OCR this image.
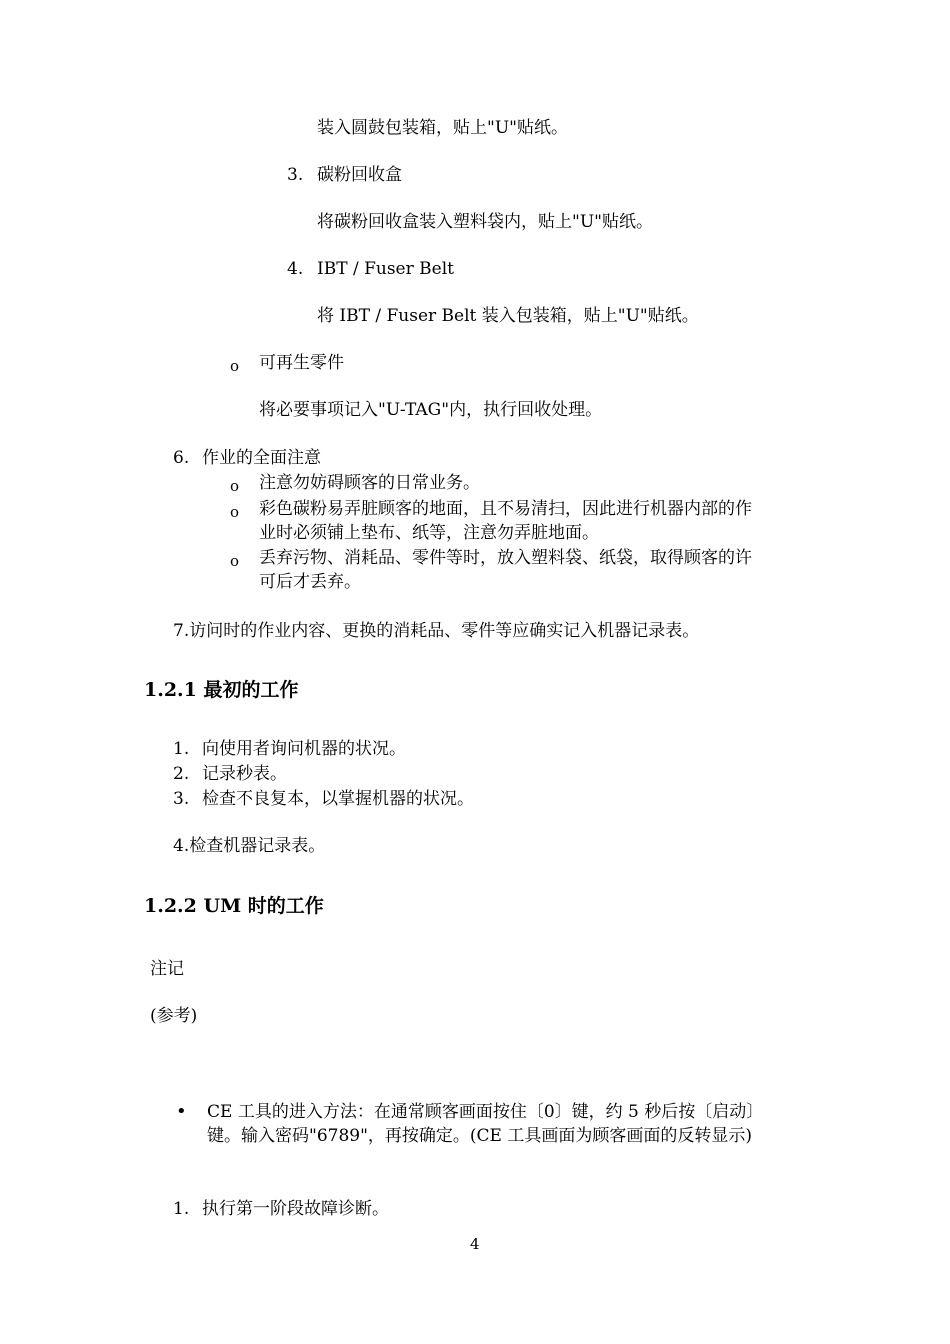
装入圆鼓包装箱，贴上"U"贴纸。
3. 碳粉回收盒
将碳粉回收盒装入塑料袋内，贴上"U"贴纸。
4. IBT / Fuser Belt
将 IBT / Fuser Belt 装入包装箱，贴上"U"贴纸。
o 可再生零件
将必要事项记入"U-TAG"内，执行回收处理。
6. 作业的全面注意
o 注意勿妨碍顾客的日常业务。
o 彩色碳粉易弄脏顾客的地面，且不易清扫，因此进行机器内部的作
业时必须铺上垫布、纸等，注意勿弄脏地面。
o 丢弃污物、消耗品、零件等时，放入塑料袋、纸袋，取得顾客的许
可后才丢弃。
7.访问时的作业内容、更换的消耗品、零件等应确实记入机器记录表。
1.2.1 最初的工作
1. 向使用者询问机器的状况。
2. 记录秒表。
3. 检查不良复本，以掌握机器的状况。
4.检查机器记录表。
1.2.2 UM 时的工作
注记
(参考)
• CE 工具的进入方法：在通常顾客画面按住〔0〕键，约 5 秒后按〔启动〕
键。输入密码"6789"，再按确定。(CE 工具画面为顾客画面的反转显示)
1. 执行第一阶段故障诊断。
4
